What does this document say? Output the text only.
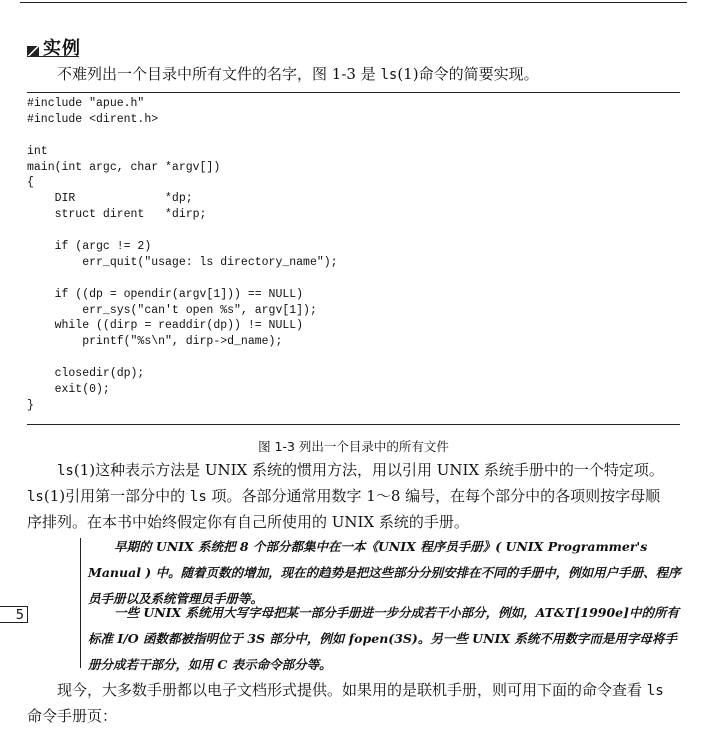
实例
不难列出一个目录中所有文件的名字，图 1-3 是 ls(1)命令的简要实现。
#include "apue.h"
#include <dirent.h>
int
main(int argc, char *argv[])
{
DIR             *dp;
struct dirent   *dirp;
if (argc != 2)
err_quit("usage: ls directory_name");
if ((dp = opendir(argv[1])) == NULL)
err_sys("can't open %s", argv[1]);
while ((dirp = readdir(dp)) != NULL)
printf("%s\n", dirp->d_name);
closedir(dp);
exit(0);
}
图 1-3 列出一个目录中的所有文件
ls(1)这种表示方法是 UNIX 系统的惯用方法，用以引用 UNIX 系统手册中的一个特定项。
ls(1)引用第一部分中的 ls 项。各部分通常用数字 1～8 编号，在每个部分中的各项则按字母顺
序排列。在本书中始终假定你有自己所使用的 UNIX 系统的手册。
早期的 UNIX 系统把 8 个部分都集中在一本《UNIX 程序员手册》( UNIX Programmer's Manual ) 中。随着页数的增加，现在的趋势是把这些部分分别安排在不同的手册中，例如用户手册、程序员手册以及系统管理员手册等。
一些 UNIX 系统用大写字母把某一部分手册进一步分成若干小部分，例如，AT&T[1990e]中的所有标准 I/O 函数都被指明位于 3S 部分中，例如 fopen(3S)。另一些 UNIX 系统不用数字而是用字母将手册分成若干部分，如用 C 表示命令部分等。
5
现今，大多数手册都以电子文档形式提供。如果用的是联机手册，则可用下面的命令查看 ls
命令手册页：
